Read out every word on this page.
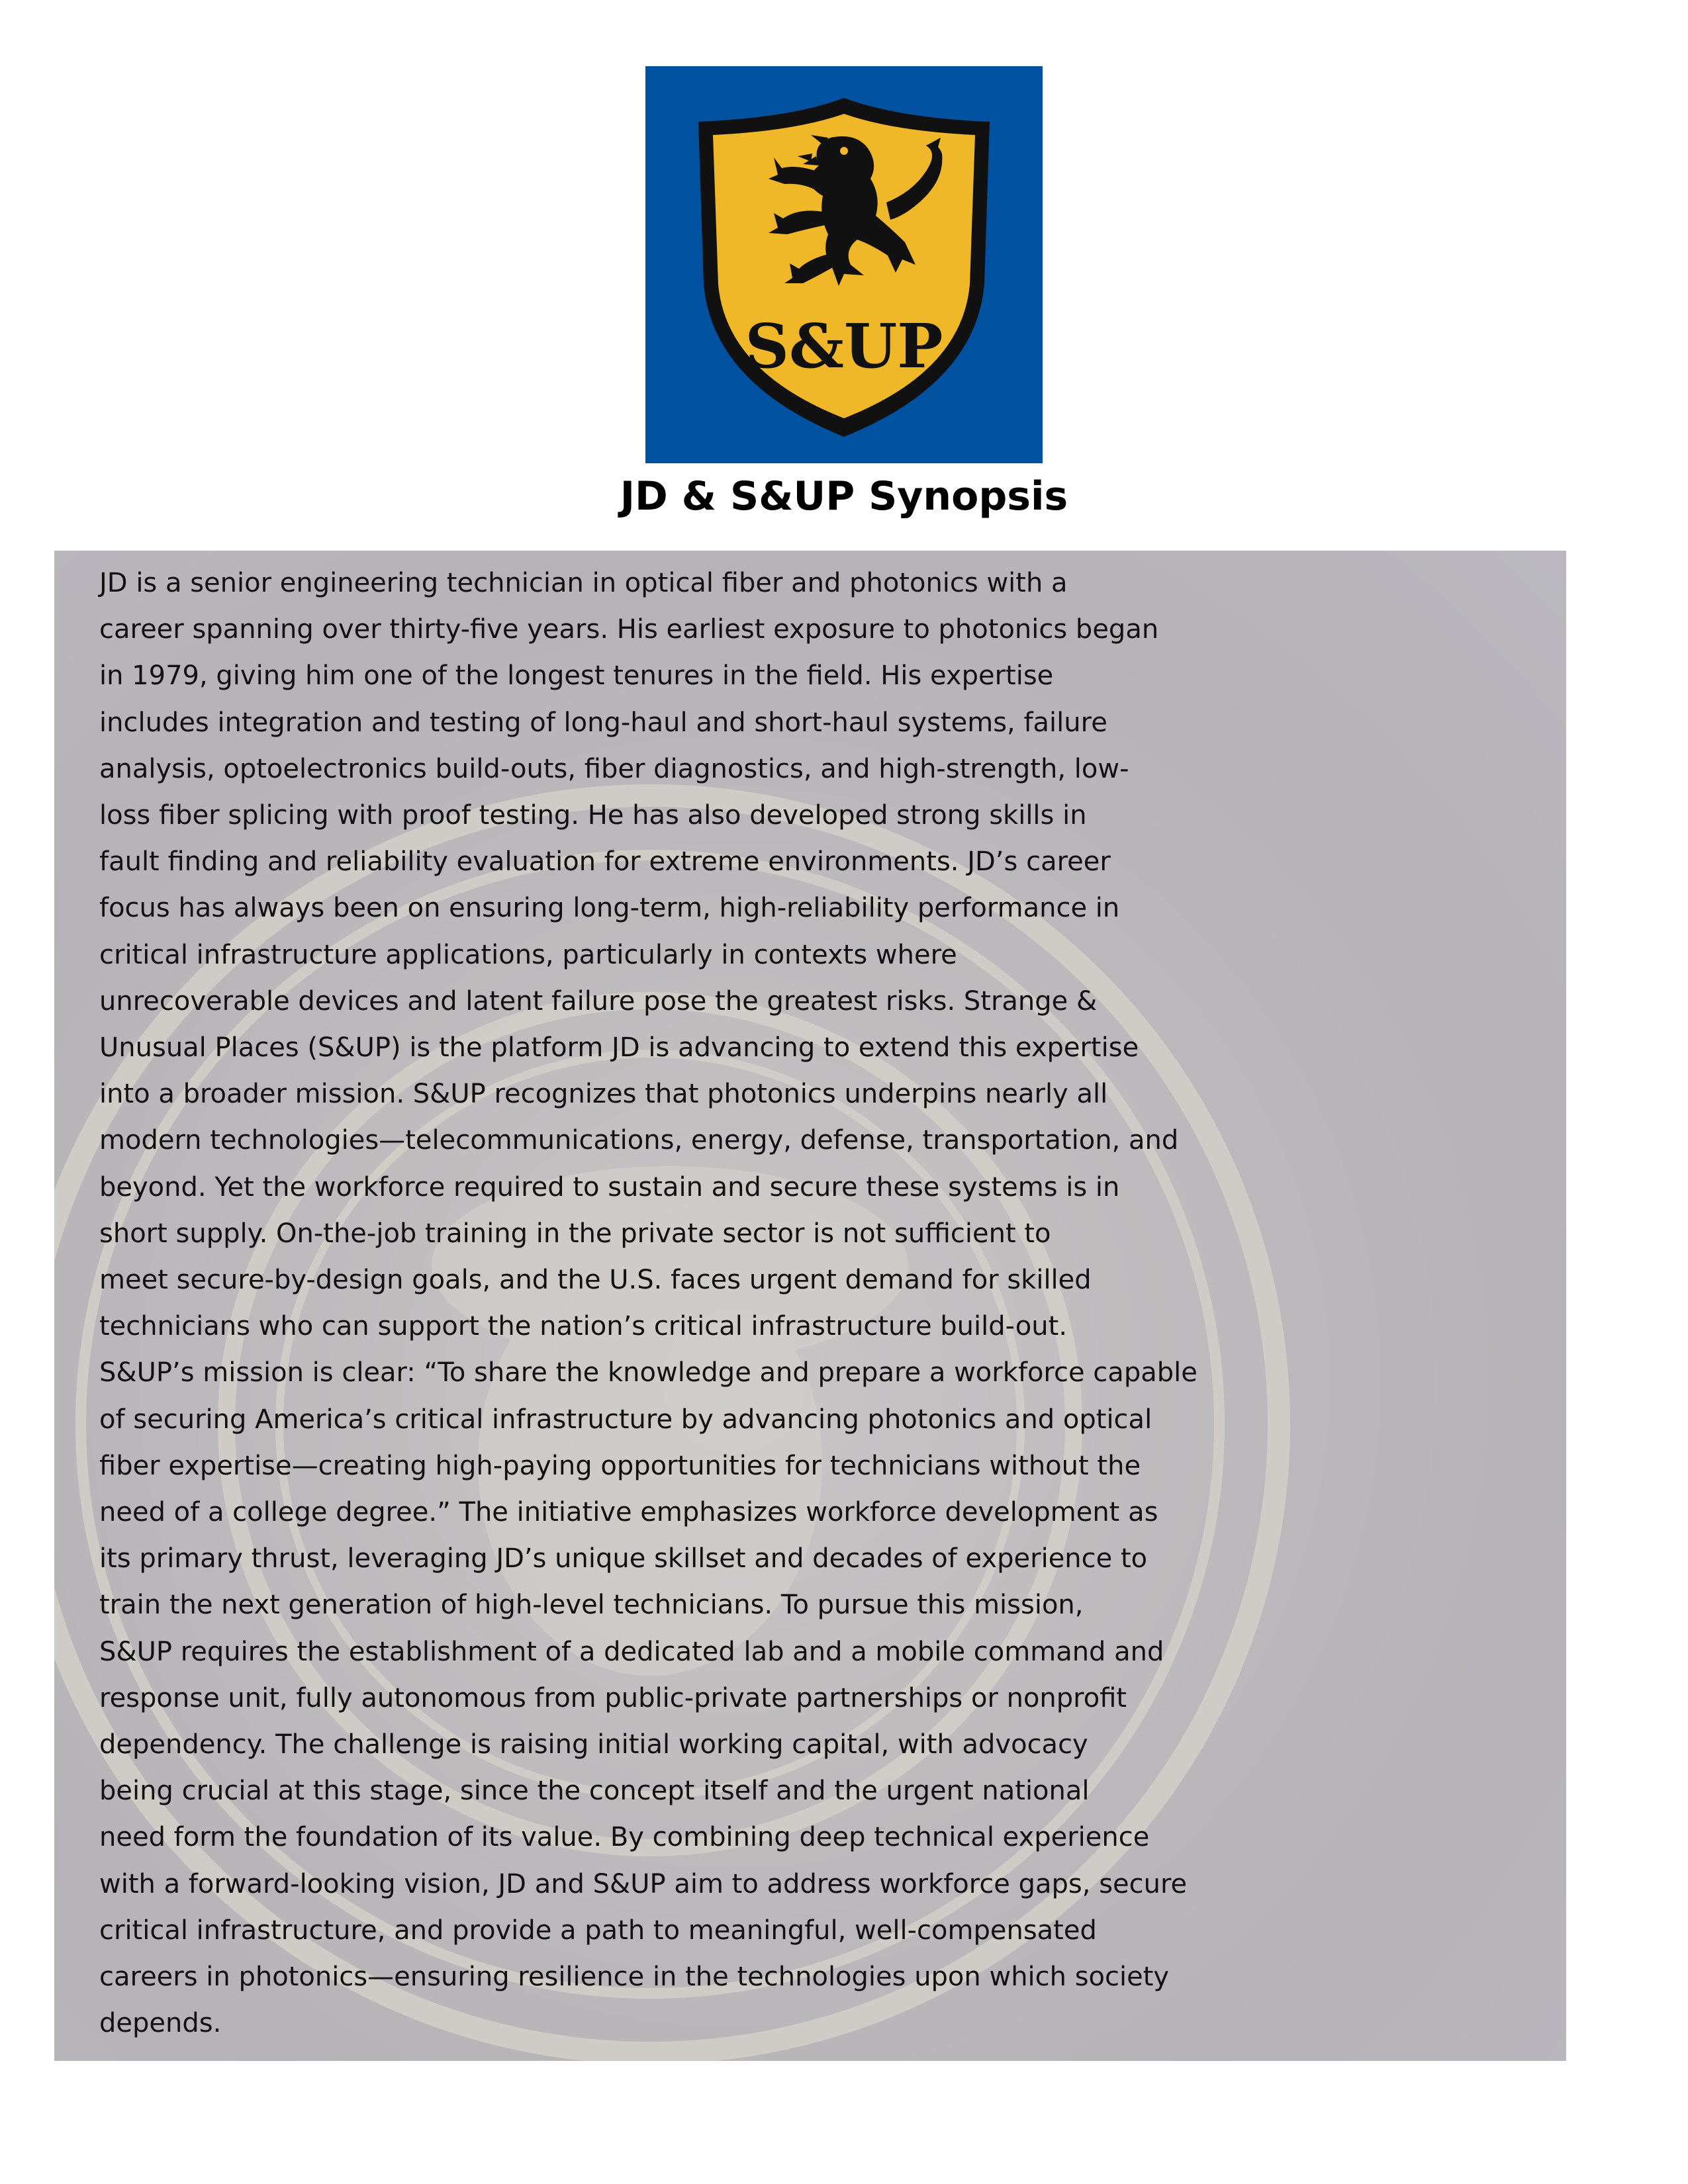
S&UP
JD & S&UP Synopsis
JD is a senior engineering technician in optical fiber and photonics with a
career spanning over thirty-five years. His earliest exposure to photonics began
in 1979, giving him one of the longest tenures in the field. His expertise
includes integration and testing of long-haul and short-haul systems, failure
analysis, optoelectronics build-outs, fiber diagnostics, and high-strength, low-
loss fiber splicing with proof testing. He has also developed strong skills in
fault finding and reliability evaluation for extreme environments. JD’s career
focus has always been on ensuring long-term, high-reliability performance in
critical infrastructure applications, particularly in contexts where
unrecoverable devices and latent failure pose the greatest risks. Strange &
Unusual Places (S&UP) is the platform JD is advancing to extend this expertise
into a broader mission. S&UP recognizes that photonics underpins nearly all
modern technologies—telecommunications, energy, defense, transportation, and
beyond. Yet the workforce required to sustain and secure these systems is in
short supply. On-the-job training in the private sector is not sufficient to
meet secure-by-design goals, and the U.S. faces urgent demand for skilled
technicians who can support the nation’s critical infrastructure build-out.
S&UP’s mission is clear: “To share the knowledge and prepare a workforce capable
of securing America’s critical infrastructure by advancing photonics and optical
fiber expertise—creating high-paying opportunities for technicians without the
need of a college degree.” The initiative emphasizes workforce development as
its primary thrust, leveraging JD’s unique skillset and decades of experience to
train the next generation of high-level technicians. To pursue this mission,
S&UP requires the establishment of a dedicated lab and a mobile command and
response unit, fully autonomous from public-private partnerships or nonprofit
dependency. The challenge is raising initial working capital, with advocacy
being crucial at this stage, since the concept itself and the urgent national
need form the foundation of its value. By combining deep technical experience
with a forward-looking vision, JD and S&UP aim to address workforce gaps, secure
critical infrastructure, and provide a path to meaningful, well-compensated
careers in photonics—ensuring resilience in the technologies upon which society
depends.
